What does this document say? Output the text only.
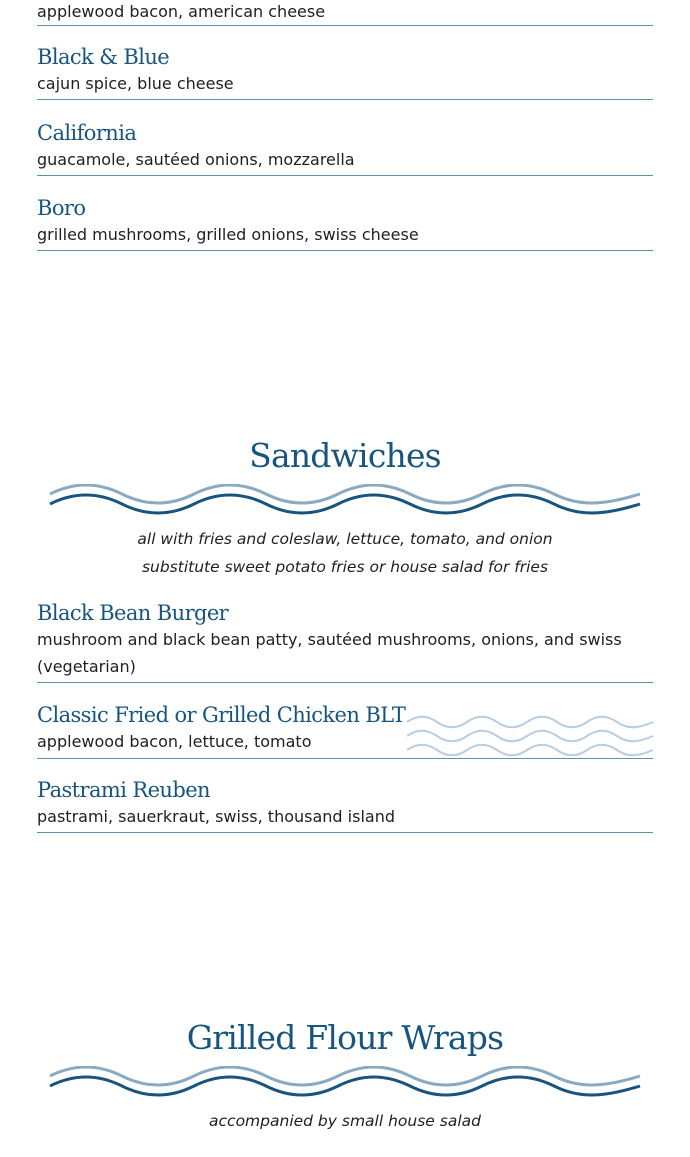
applewood bacon, american cheese
Black & Blue
cajun spice, blue cheese
California
guacamole, sautéed onions, mozzarella
Boro
grilled mushrooms, grilled onions, swiss cheese
Sandwiches
all with fries and coleslaw, lettuce, tomato, and onion
substitute sweet potato fries or house salad for fries
Black Bean Burger
mushroom and black bean patty, sautéed mushrooms, onions, and swiss (vegetarian)
Classic Fried or Grilled Chicken BLT
applewood bacon, lettuce, tomato
Pastrami Reuben
pastrami, sauerkraut, swiss, thousand island
Grilled Flour Wraps
accompanied by small house salad
